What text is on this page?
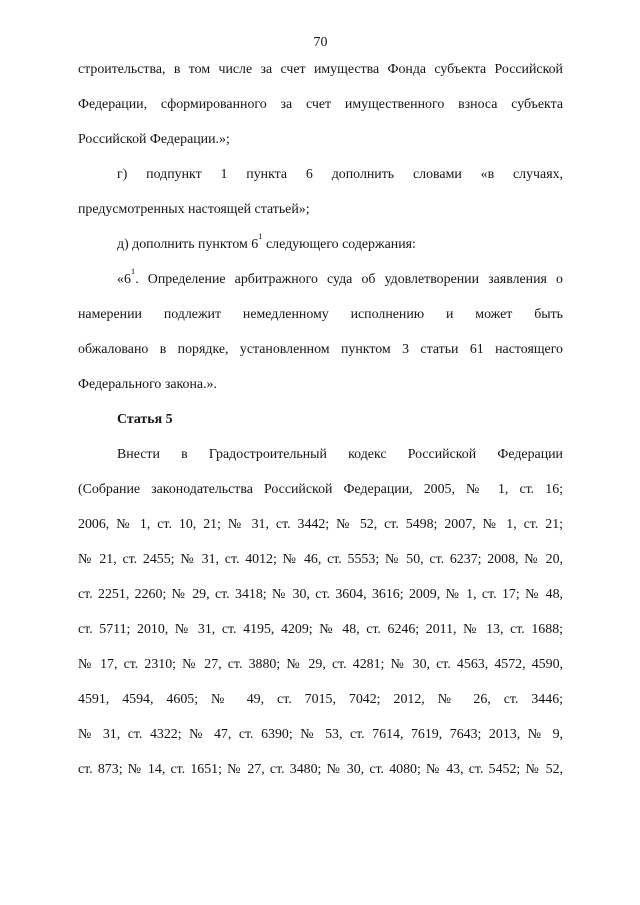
70
строительства, в том числе за счет имущества Фонда субъекта Российской
Федерации, сформированного за счет имущественного взноса субъекта
Российской Федерации.»;
г) подпункт 1 пункта 6 дополнить словами «в случаях,
предусмотренных настоящей статьей»;
д) дополнить пунктом $6^1$ следующего содержания:
«$6^1$. Определение арбитражного суда об удовлетворении заявления о
намерении подлежит немедленному исполнению и может быть
обжаловано в порядке, установленном пунктом 3 статьи 61 настоящего
Федерального закона.».
Статья 5
Внести в Градостроительный кодекс Российской Федерации
(Собрание законодательства Российской Федерации, 2005, № 1, ст. 16;
2006, № 1, ст. 10, 21; № 31, ст. 3442; № 52, ст. 5498; 2007, № 1, ст. 21;
№ 21, ст. 2455; № 31, ст. 4012; № 46, ст. 5553; № 50, ст. 6237; 2008, № 20,
ст. 2251, 2260; № 29, ст. 3418; № 30, ст. 3604, 3616; 2009, № 1, ст. 17; № 48,
ст. 5711; 2010, № 31, ст. 4195, 4209; № 48, ст. 6246; 2011, № 13, ст. 1688;
№ 17, ст. 2310; № 27, ст. 3880; № 29, ст. 4281; № 30, ст. 4563, 4572, 4590,
4591, 4594, 4605; № 49, ст. 7015, 7042; 2012, № 26, ст. 3446;
№ 31, ст. 4322; № 47, ст. 6390; № 53, ст. 7614, 7619, 7643; 2013, № 9,
ст. 873; № 14, ст. 1651; № 27, ст. 3480; № 30, ст. 4080; № 43, ст. 5452; № 52,
